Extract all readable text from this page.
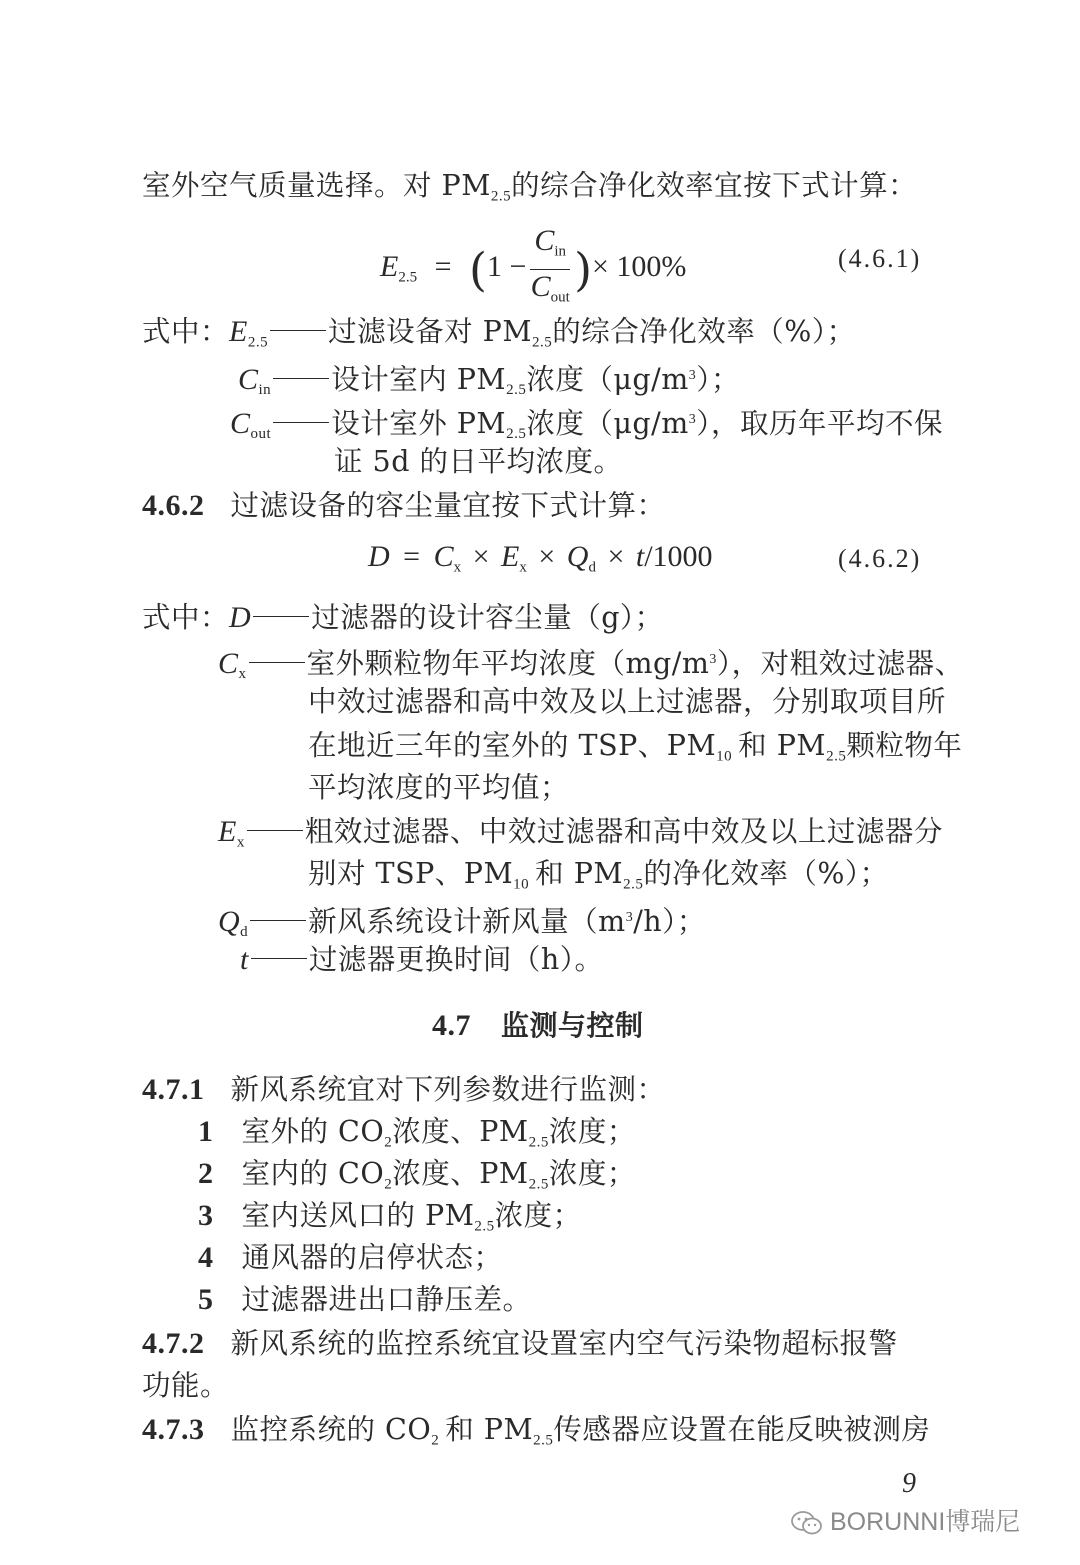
室外空气质量选择。对 $PM_{2.5}$的综合净化效率宜按下式计算：
$E_{2.5} = (1 - \frac{C_{in}}{C_{out}}$ )× 100%	(4.6.1)
式中：$E_{2.5}$ 过滤设备对 $PM_{2.5}$的综合净化效率（%）；
$C_{in}$ 设计室内 $PM_{2.5}$浓度$(\mu g/m^3)$；
$C_{out}$ 设计室外 $PM_{2.5}$浓度$(\mu g/m^3)$，取历年平均不保
证 5d 的日平均浓度。
4.6.2 过滤设备的容尘量宜按下式计算：
$D = C_x \times E_x \times Q_d \times t/1000$	(4.6.2)
式中：D 过滤器的设计容尘量（g）；
$C_x$ 室外颗粒物年平均浓度$(mg/m^3)$，对粗效过滤器、
中效过滤器和高中效及以上过滤器，分别取项目所
在地近三年的室外的 TSP、$PM_{10}$ 和 $PM_{2.5}$颗粒物年
平均浓度的平均值；
$E_x$ 粗效过滤器、中效过滤器和高中效及以上过滤器分
别对 TSP、$PM_{10}$ 和 $PM_{2.5}$的净化效率（%）；
$Q_d$ 新风系统设计新风量$(m^3/h)$；
t 过滤器更换时间（h）。
4.7 监测与控制
4.7.1 新风系统宜对下列参数进行监测：
1 室外的 $CO_2$浓度、$PM_{2.5}$浓度；
2 室内的 $CO_2$浓度、$PM_{2.5}$浓度；
3 室内送风口的 $PM_{2.5}$浓度；
4 通风器的启停状态；
5 过滤器进出口静压差。
4.7.2 新风系统的监控系统宜设置室内空气污染物超标报警
功能。
4.7.3 监控系统的 $CO_2$ 和 $PM_{2.5}$传感器应设置在能反映被测房
9
BORUNNI博瑞尼
